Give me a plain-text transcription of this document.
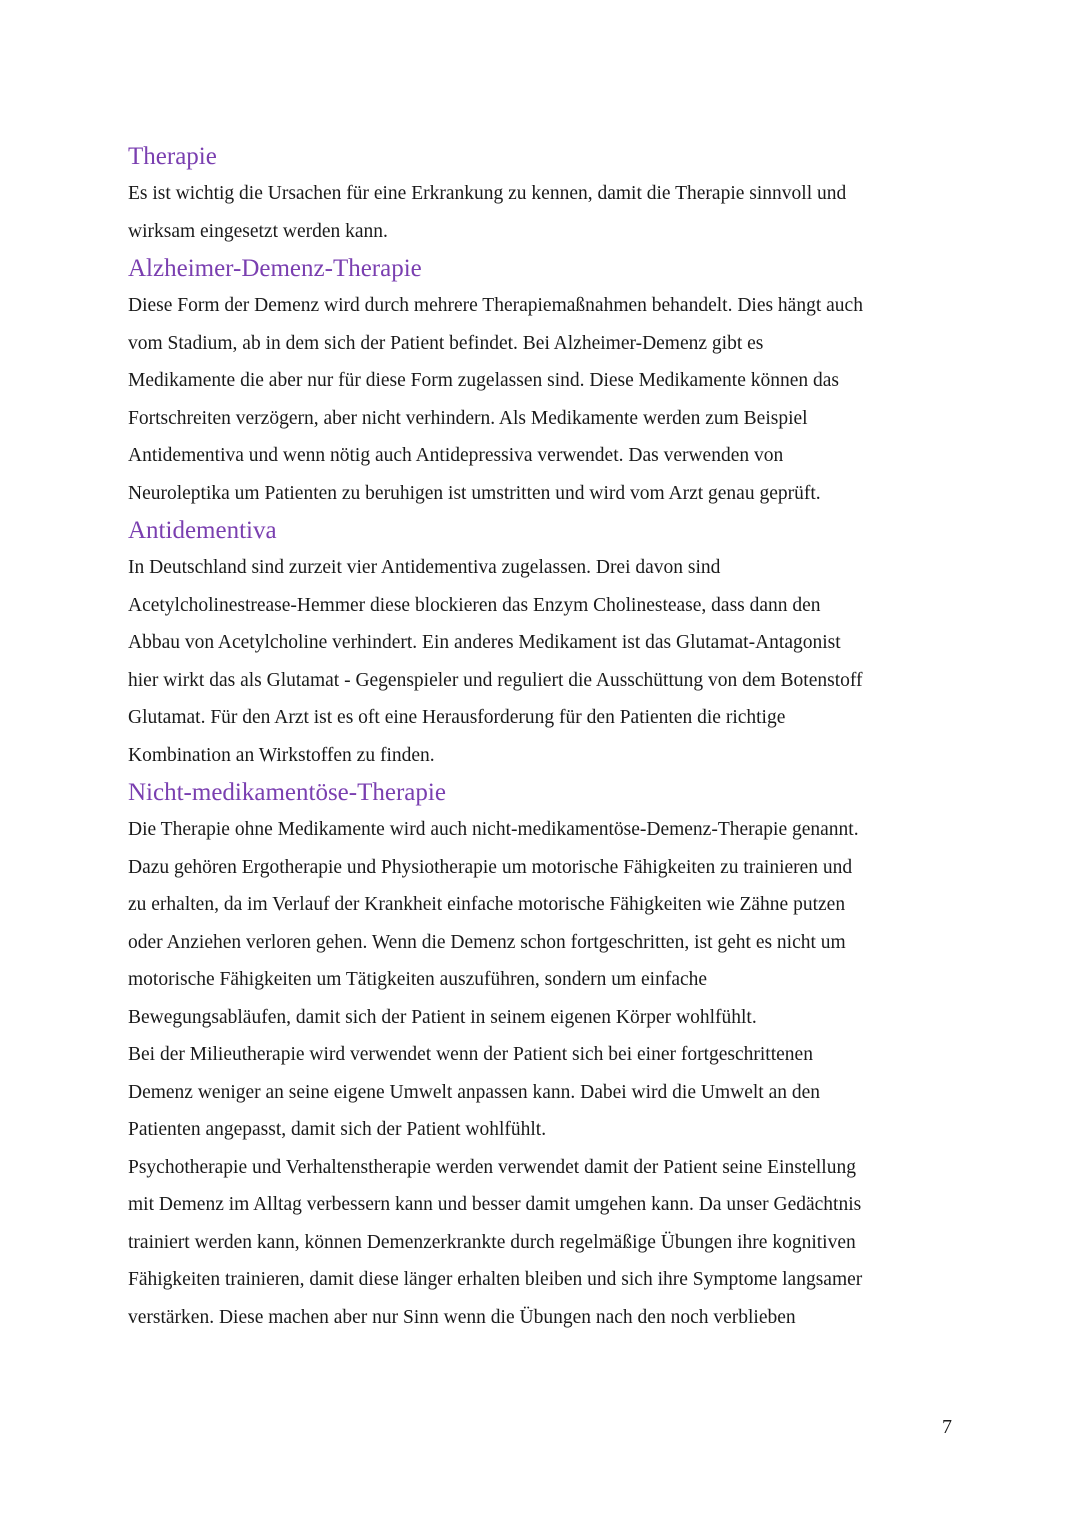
Therapie

Es ist wichtig die Ursachen für eine Erkrankung zu kennen, damit die Therapie sinnvoll und
wirksam eingesetzt werden kann.

Alzheimer-Demenz-Therapie

Diese Form der Demenz wird durch mehrere Therapiemaßnahmen behandelt. Dies hängt auch
vom Stadium, ab in dem sich der Patient befindet. Bei Alzheimer-Demenz gibt es
Medikamente die aber nur für diese Form zugelassen sind. Diese Medikamente können das
Fortschreiten verzögern, aber nicht verhindern. Als Medikamente werden zum Beispiel
Antidementiva und wenn nötig auch Antidepressiva verwendet. Das verwenden von
Neuroleptika um Patienten zu beruhigen ist umstritten und wird vom Arzt genau geprüft.

Antidementiva

In Deutschland sind zurzeit vier Antidementiva zugelassen. Drei davon sind
Acetylcholinestrease-Hemmer diese blockieren das Enzym Cholinestease, dass dann den
Abbau von Acetylcholine verhindert. Ein anderes Medikament ist das Glutamat-Antagonist
hier wirkt das als Glutamat - Gegenspieler und reguliert die Ausschüttung von dem Botenstoff
Glutamat. Für den Arzt ist es oft eine Herausforderung für den Patienten die richtige
Kombination an Wirkstoffen zu finden.

Nicht-medikamentöse-Therapie

Die Therapie ohne Medikamente wird auch nicht-medikamentöse-Demenz-Therapie genannt.
Dazu gehören Ergotherapie und Physiotherapie um motorische Fähigkeiten zu trainieren und
zu erhalten, da im Verlauf der Krankheit einfache motorische Fähigkeiten wie Zähne putzen
oder Anziehen verloren gehen. Wenn die Demenz schon fortgeschritten, ist geht es nicht um
motorische Fähigkeiten um Tätigkeiten auszuführen, sondern um einfache
Bewegungsabläufen, damit sich der Patient in seinem eigenen Körper wohlfühlt.

Bei der Milieutherapie wird verwendet wenn der Patient sich bei einer fortgeschrittenen
Demenz weniger an seine eigene Umwelt anpassen kann. Dabei wird die Umwelt an den
Patienten angepasst, damit sich der Patient wohlfühlt.

Psychotherapie und Verhaltenstherapie werden verwendet damit der Patient seine Einstellung
mit Demenz im Alltag verbessern kann und besser damit umgehen kann. Da unser Gedächtnis
trainiert werden kann, können Demenzerkrankte durch regelmäßige Übungen ihre kognitiven
Fähigkeiten trainieren, damit diese länger erhalten bleiben und sich ihre Symptome langsamer
verstärken. Diese machen aber nur Sinn wenn die Übungen nach den noch verblieben

7
